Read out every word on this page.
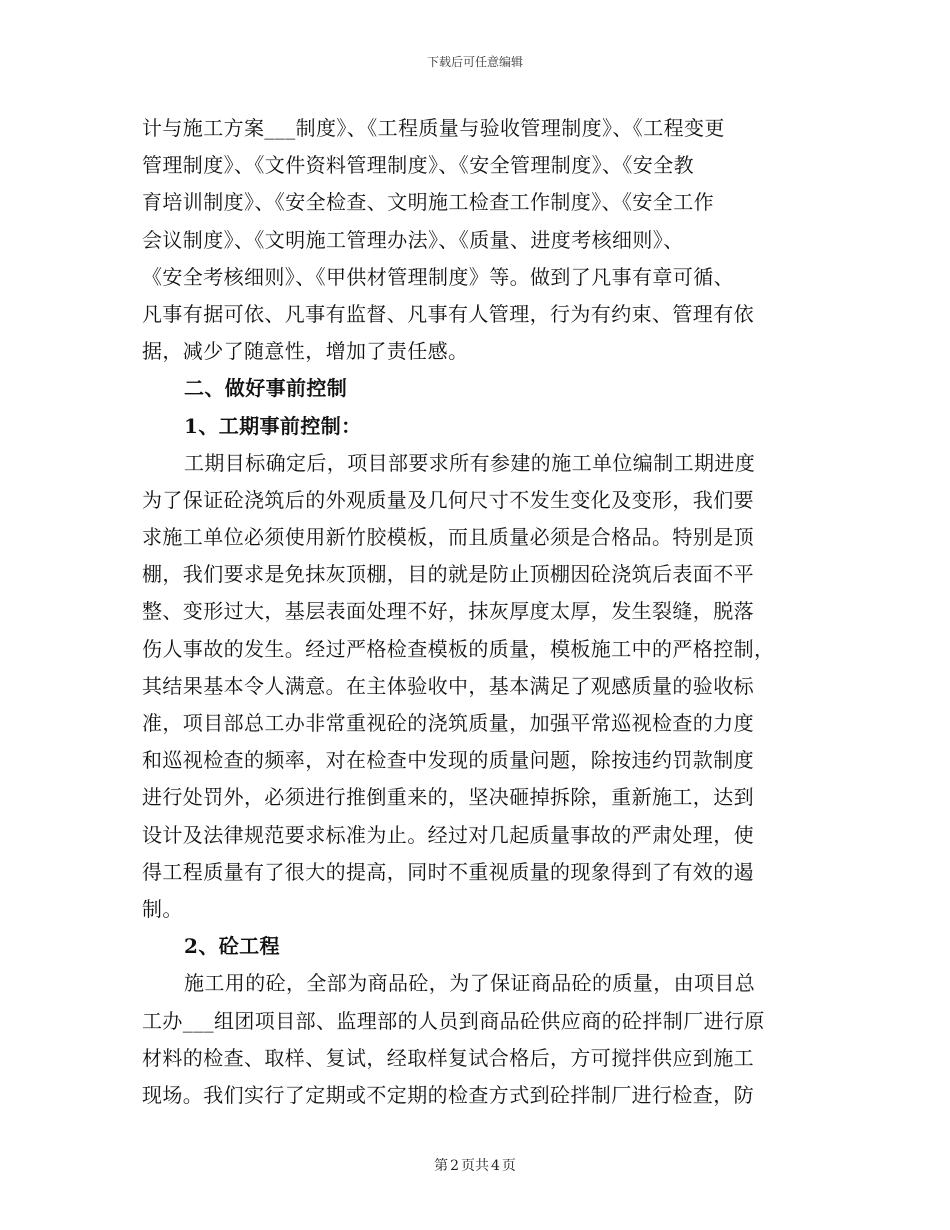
下载后可任意编辑
计与施工方案___制度》、《工程质量与验收管理制度》、《工程变更
管理制度》、《文件资料管理制度》、《安全管理制度》、《安全教
育培训制度》、《安全检查、文明施工检查工作制度》、《安全工作
会议制度》、《文明施工管理办法》、《质量、进度考核细则》、
《安全考核细则》、《甲供材管理制度》等。做到了凡事有章可循、
凡事有据可依、凡事有监督、凡事有人管理，行为有约束、管理有依
据，减少了随意性，增加了责任感。
二、做好事前控制
1、工期事前控制：
工期目标确定后，项目部要求所有参建的施工单位编制工期进度
为了保证砼浇筑后的外观质量及几何尺寸不发生变化及变形，我们要
求施工单位必须使用新竹胶模板，而且质量必须是合格品。特别是顶
棚，我们要求是免抹灰顶棚，目的就是防止顶棚因砼浇筑后表面不平
整、变形过大，基层表面处理不好，抹灰厚度太厚，发生裂缝，脱落
伤人事故的发生。经过严格检查模板的质量，模板施工中的严格控制，
其结果基本令人满意。在主体验收中，基本满足了观感质量的验收标
准，项目部总工办非常重视砼的浇筑质量，加强平常巡视检查的力度
和巡视检查的频率，对在检查中发现的质量问题，除按违约罚款制度
进行处罚外，必须进行推倒重来的，坚决砸掉拆除，重新施工，达到
设计及法律规范要求标准为止。经过对几起质量事故的严肃处理，使
得工程质量有了很大的提高，同时不重视质量的现象得到了有效的遏
制。
2、砼工程
施工用的砼，全部为商品砼，为了保证商品砼的质量，由项目总
工办___组团项目部、监理部的人员到商品砼供应商的砼拌制厂进行原
材料的检查、取样、复试，经取样复试合格后，方可搅拌供应到施工
现场。我们实行了定期或不定期的检查方式到砼拌制厂进行检查，防
第 2 页共 4 页
